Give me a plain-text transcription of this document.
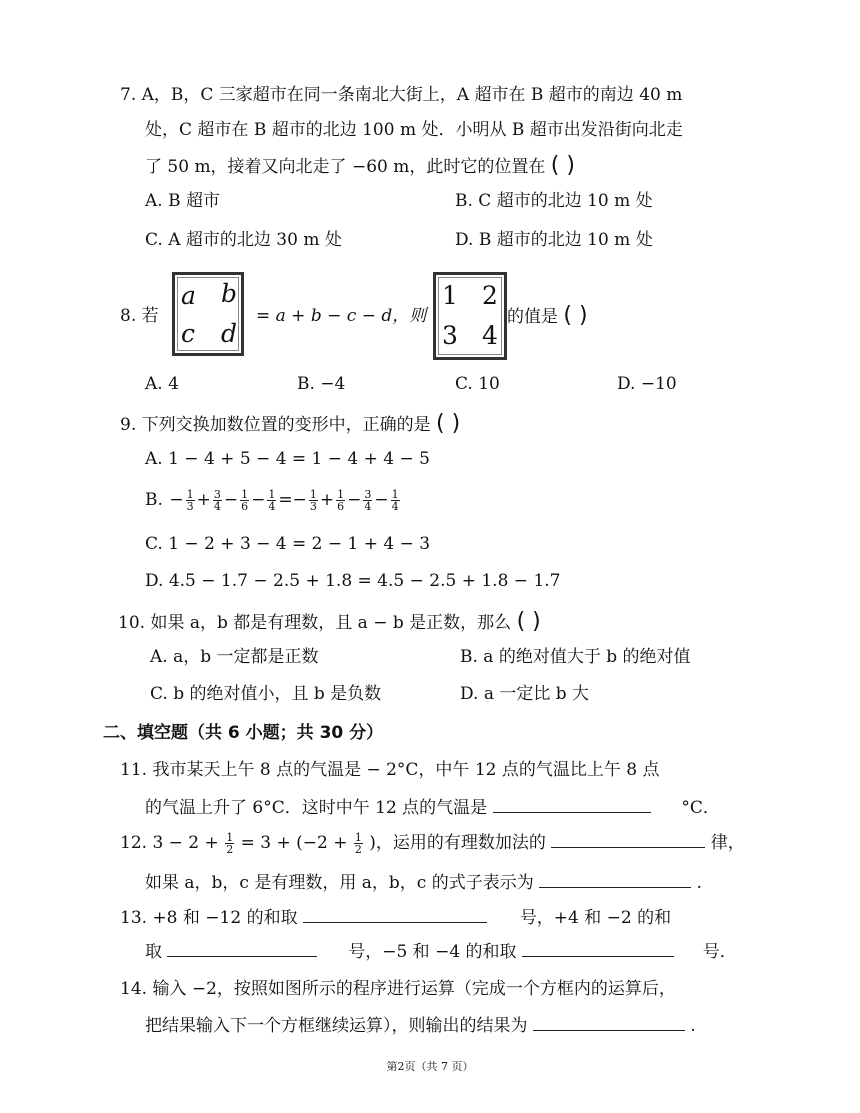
7. A，B，C 三家超市在同一条南北大街上，A 超市在 B 超市的南边 40 m
处，C 超市在 B 超市的北边 100 m 处．小明从 B 超市出发沿街向北走
了 50 m，接着又向北走了 −60 m，此时它的位置在 ( )
A. B 超市	B. C 超市的北边 10 m 处
C. A 超市的北边 30 m 处	D. B 超市的北边 10 m 处
8. 若
a b
c d
= a + b − c − d，则
1 2
3 4
的值是 ( )
A. 4	B. −4	C. 10	D. −10
9. 下列交换加数位置的变形中，正确的是 ( )
A. 1 − 4 + 5 − 4 = 1 − 4 + 4 − 5
B. − $\frac{1}{3} + \frac{3}{4} - \frac{1}{6} - \frac{1}{4} =- \frac{1}{3} + \frac{1}{6} - \frac{3}{4} - \frac{1}{4}$
C. 1 − 2 + 3 − 4 = 2 − 1 + 4 − 3
D. 4.5 − 1.7 − 2.5 + 1.8 = 4.5 − 2.5 + 1.8 − 1.7
10. 如果 a，b 都是有理数，且 a − b 是正数，那么 ( )
A. a，b 一定都是正数	B. a 的绝对值大于 b 的绝对值
C. b 的绝对值小，且 b 是负数	D. a 一定比 b 大
二、填空题（共 6 小题；共 30 分）
11. 我市某天上午 8 点的气温是 − 2°C，中午 12 点的气温比上午 8 点
的气温上升了 6°C．这时中午 12 点的气温是	°C．
12. $3 - 2 + \frac{1}{2} = 3 + (-2 + \frac{1}{2}$ )，运用的有理数加法的	律，
如果 a，b，c 是有理数，用 a，b，c 的式子表示为	.
13. +8 和 −12 的和取	号，+4 和 −2 的和
取	号，−5 和 −4 的和取	号．
14. 输入 −2，按照如图所示的程序进行运算（完成一个方框内的运算后，
把结果输入下一个方框继续运算），则输出的结果为	.
第2页（共 7 页）
